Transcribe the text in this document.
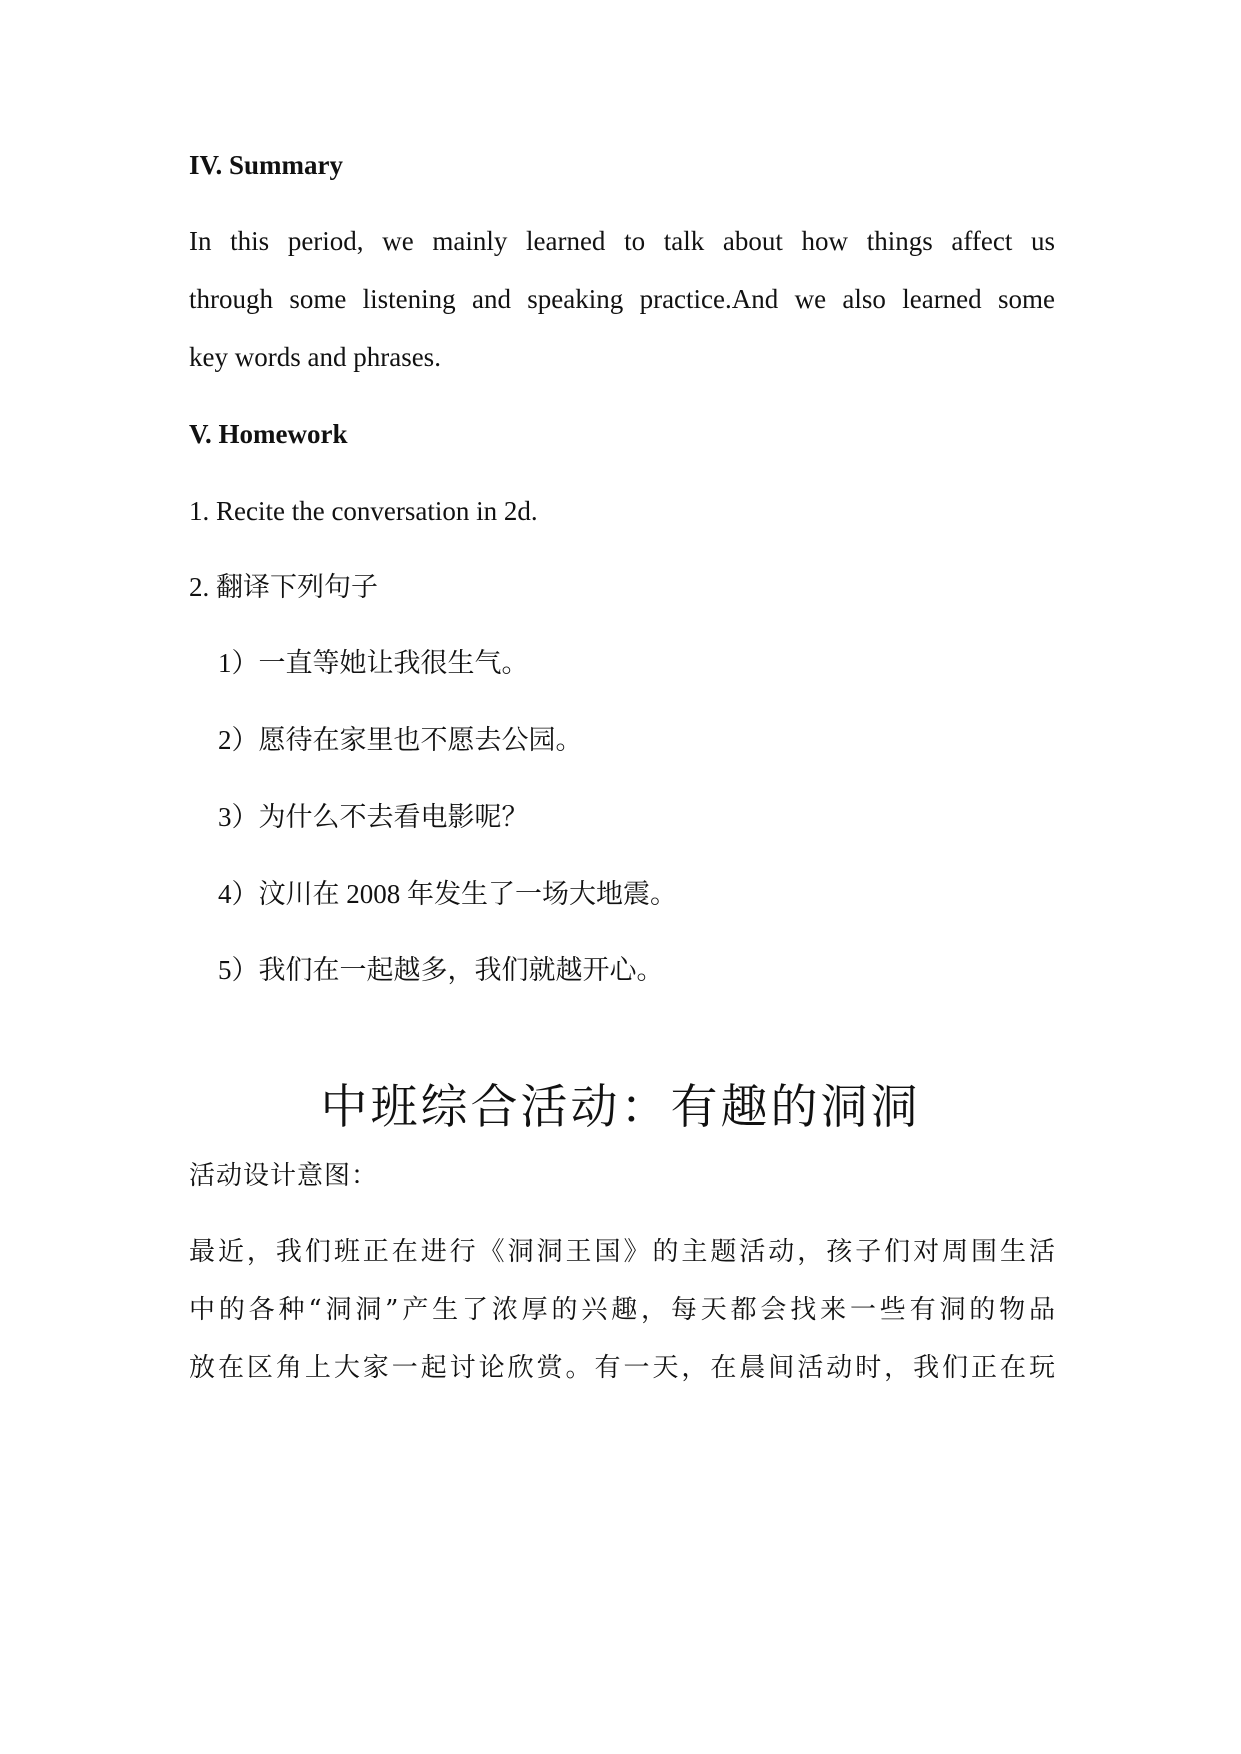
IV. Summary
In this period, we mainly learned to talk about how things affect us
through some listening and speaking practice.And we also learned some
key words and phrases.
V. Homework
1. Recite the conversation in 2d.
2. 翻译下列句子
1）一直等她让我很生气。
2）愿待在家里也不愿去公园。
3）为什么不去看电影呢？
4）汶川在 2008 年发生了一场大地震。
5）我们在一起越多，我们就越开心。
中班综合活动：有趣的洞洞
活动设计意图：
最近，我们班正在进行《洞洞王国》的主题活动，孩子们对周围生活
中的各种“洞洞”产生了浓厚的兴趣，每天都会找来一些有洞的物品
放在区角上大家一起讨论欣赏。有一天，在晨间活动时，我们正在玩
